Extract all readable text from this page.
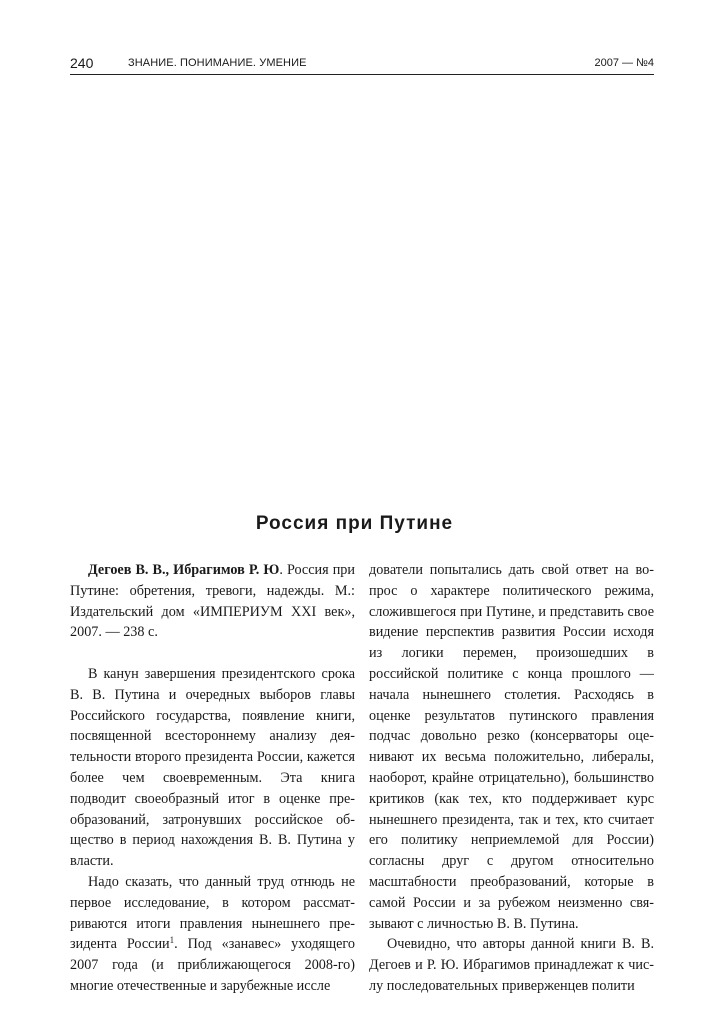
240	ЗНАНИЕ. ПОНИМАНИЕ. УМЕНИЕ	2007 — №4
Россия при Путине

Дегоев В. В., Ибрагимов Р. Ю. Россия при Путине: обретения, тревоги, надежды. М.: Издательский дом «ИМПЕРИУМ XXI век», 2007. — 238 с.

В канун завершения президентского срока В. В. Путина и очередных выборов главы Российского государства, появление книги, посвященной всестороннему анализу деятельности второго президента России, кажется более чем своевременным. Эта книга подводит своеобразный итог в оценке преобразований, затронувших российское общество в период нахождения В. В. Путина у власти.

Надо сказать, что данный труд отнюдь не первое исследование, в котором рассматриваются итоги правления нынешнего президента России$^1$. Под «занавес» уходящего 2007 года (и приближающегося 2008-го) многие отечественные и зарубежные иссле

дователи попытались дать свой ответ на вопрос о характере политического режима, сложившегося при Путине, и представить свое видение перспектив развития России исходя из логики перемен, произошедших в российской политике с конца прошлого — начала нынешнего столетия. Расходясь в оценке результатов путинского правления подчас довольно резко (консерваторы оценивают их весьма положительно, либералы, наоборот, крайне отрицательно), большинство критиков (как тех, кто поддерживает курс нынешнего президента, так и тех, кто считает его политику неприемлемой для России) согласны друг с другом относительно масштабности преобразований, которые в самой России и за рубежом неизменно связывают с личностью В. В. Путина.

Очевидно, что авторы данной книги В. В. Дегоев и Р. Ю. Ибрагимов принадлежат к числу последовательных приверженцев полити
